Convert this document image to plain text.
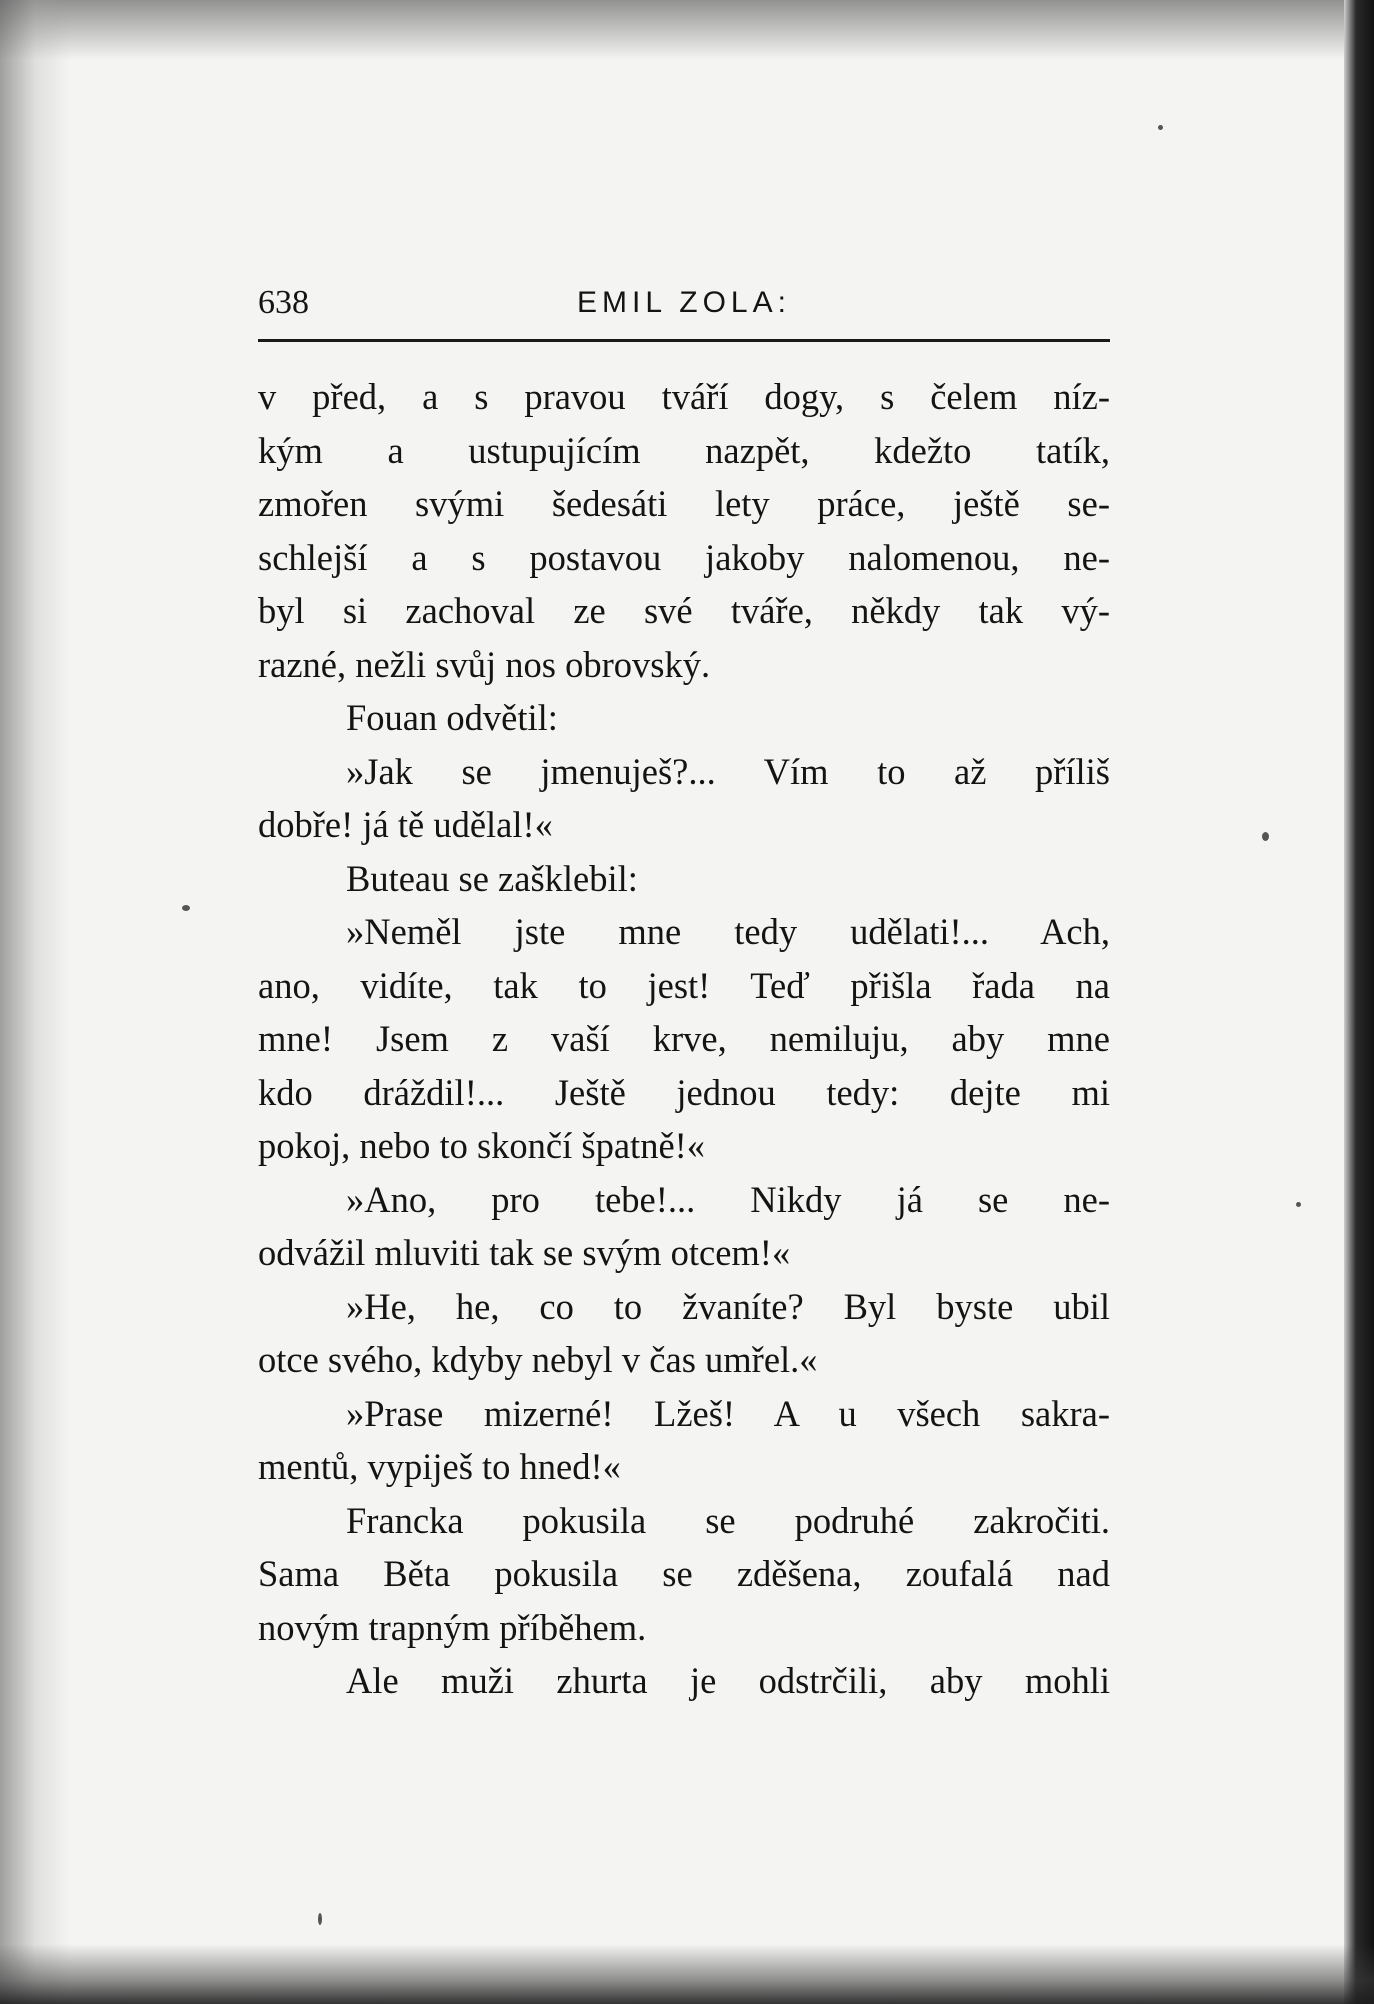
638	EMIL ZOLA:
v před, a s pravou tváří dogy, s čelem níz-
kým a ustupujícím nazpět, kdežto tatík,
zmořen svými šedesáti lety práce, ještě se-
schlejší a s postavou jakoby nalomenou, ne-
byl si zachoval ze své tváře, někdy tak vý-
razné, nežli svůj nos obrovský.
Fouan odvětil:
»Jak se jmenuješ?... Vím to až příliš
dobře! já tě udělal!«
Buteau se zašklebil:
»Neměl jste mne tedy udělati!... Ach,
ano, vidíte, tak to jest! Teď přišla řada na
mne! Jsem z vaší krve, nemiluju, aby mne
kdo dráždil!... Ještě jednou tedy: dejte mi
pokoj, nebo to skončí špatně!«
»Ano, pro tebe!... Nikdy já se ne-
odvážil mluviti tak se svým otcem!«
»He, he, co to žvaníte? Byl byste ubil
otce svého, kdyby nebyl v čas umřel.«
»Prase mizerné! Lžeš! A u všech sakra-
mentů, vypiješ to hned!«
Francka pokusila se podruhé zakročiti.
Sama Běta pokusila se zděšena, zoufalá nad
novým trapným příběhem.
Ale muži zhurta je odstrčili, aby mohli
